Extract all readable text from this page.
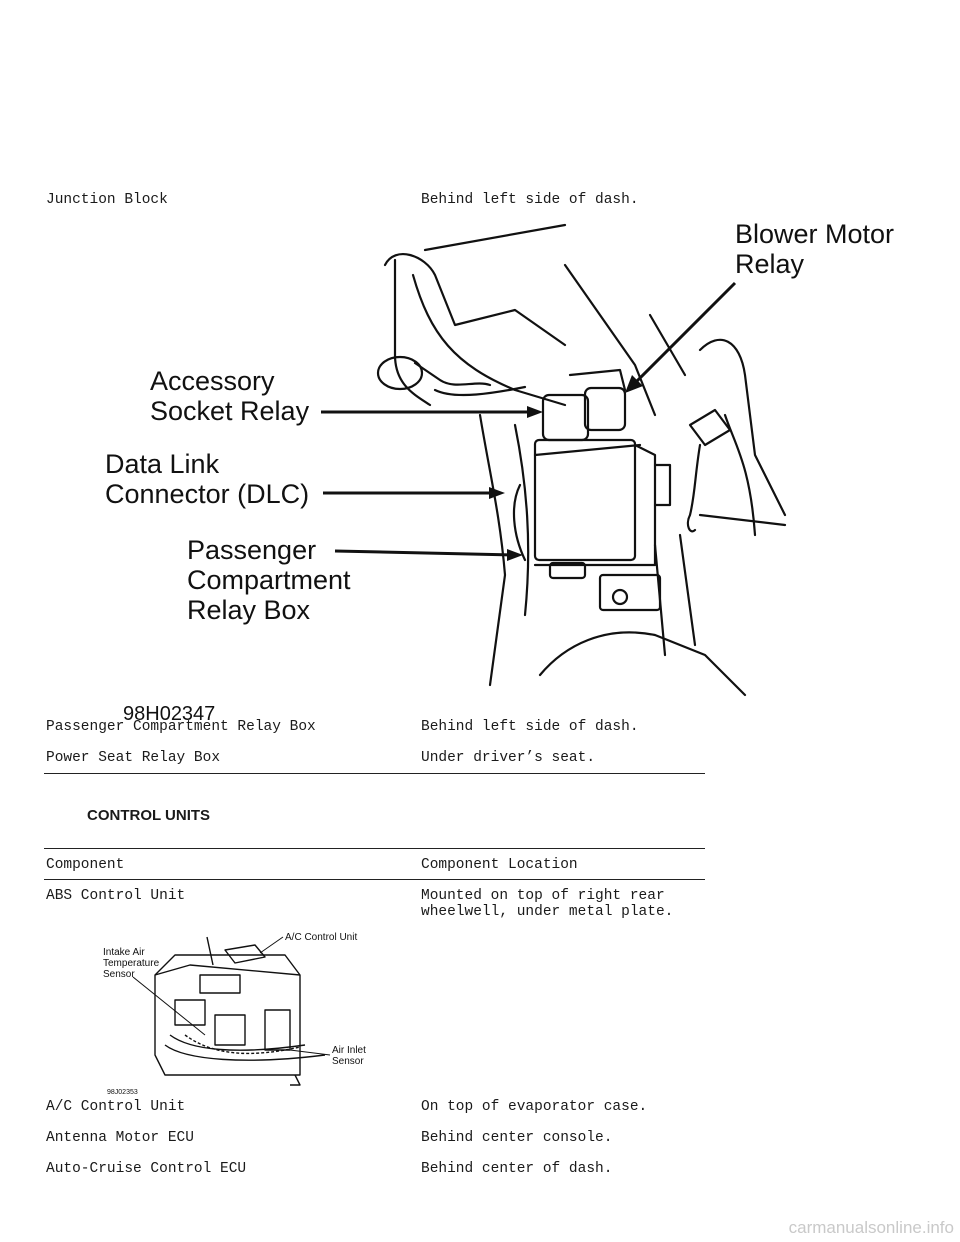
Junction Block	Behind left side of dash.
Blower Motor
Relay
Accessory
Socket Relay
Data Link
Connector (DLC)
Passenger
Compartment
Relay Box
98H02347
Passenger Compartment Relay Box	Behind left side of dash.
Power Seat Relay Box	Under driver’s seat.
CONTROL UNITS
Component	Component Location
ABS Control Unit	Mounted on top of right rear
wheelwell, under metal plate.
A/C Control Unit
Intake Air
Temperature
Sensor
Air Inlet
Sensor
98J02353
A/C Control Unit	On top of evaporator case.
Antenna Motor ECU	Behind center console.
Auto-Cruise Control ECU	Behind center of dash.
carmanualsonline.info
